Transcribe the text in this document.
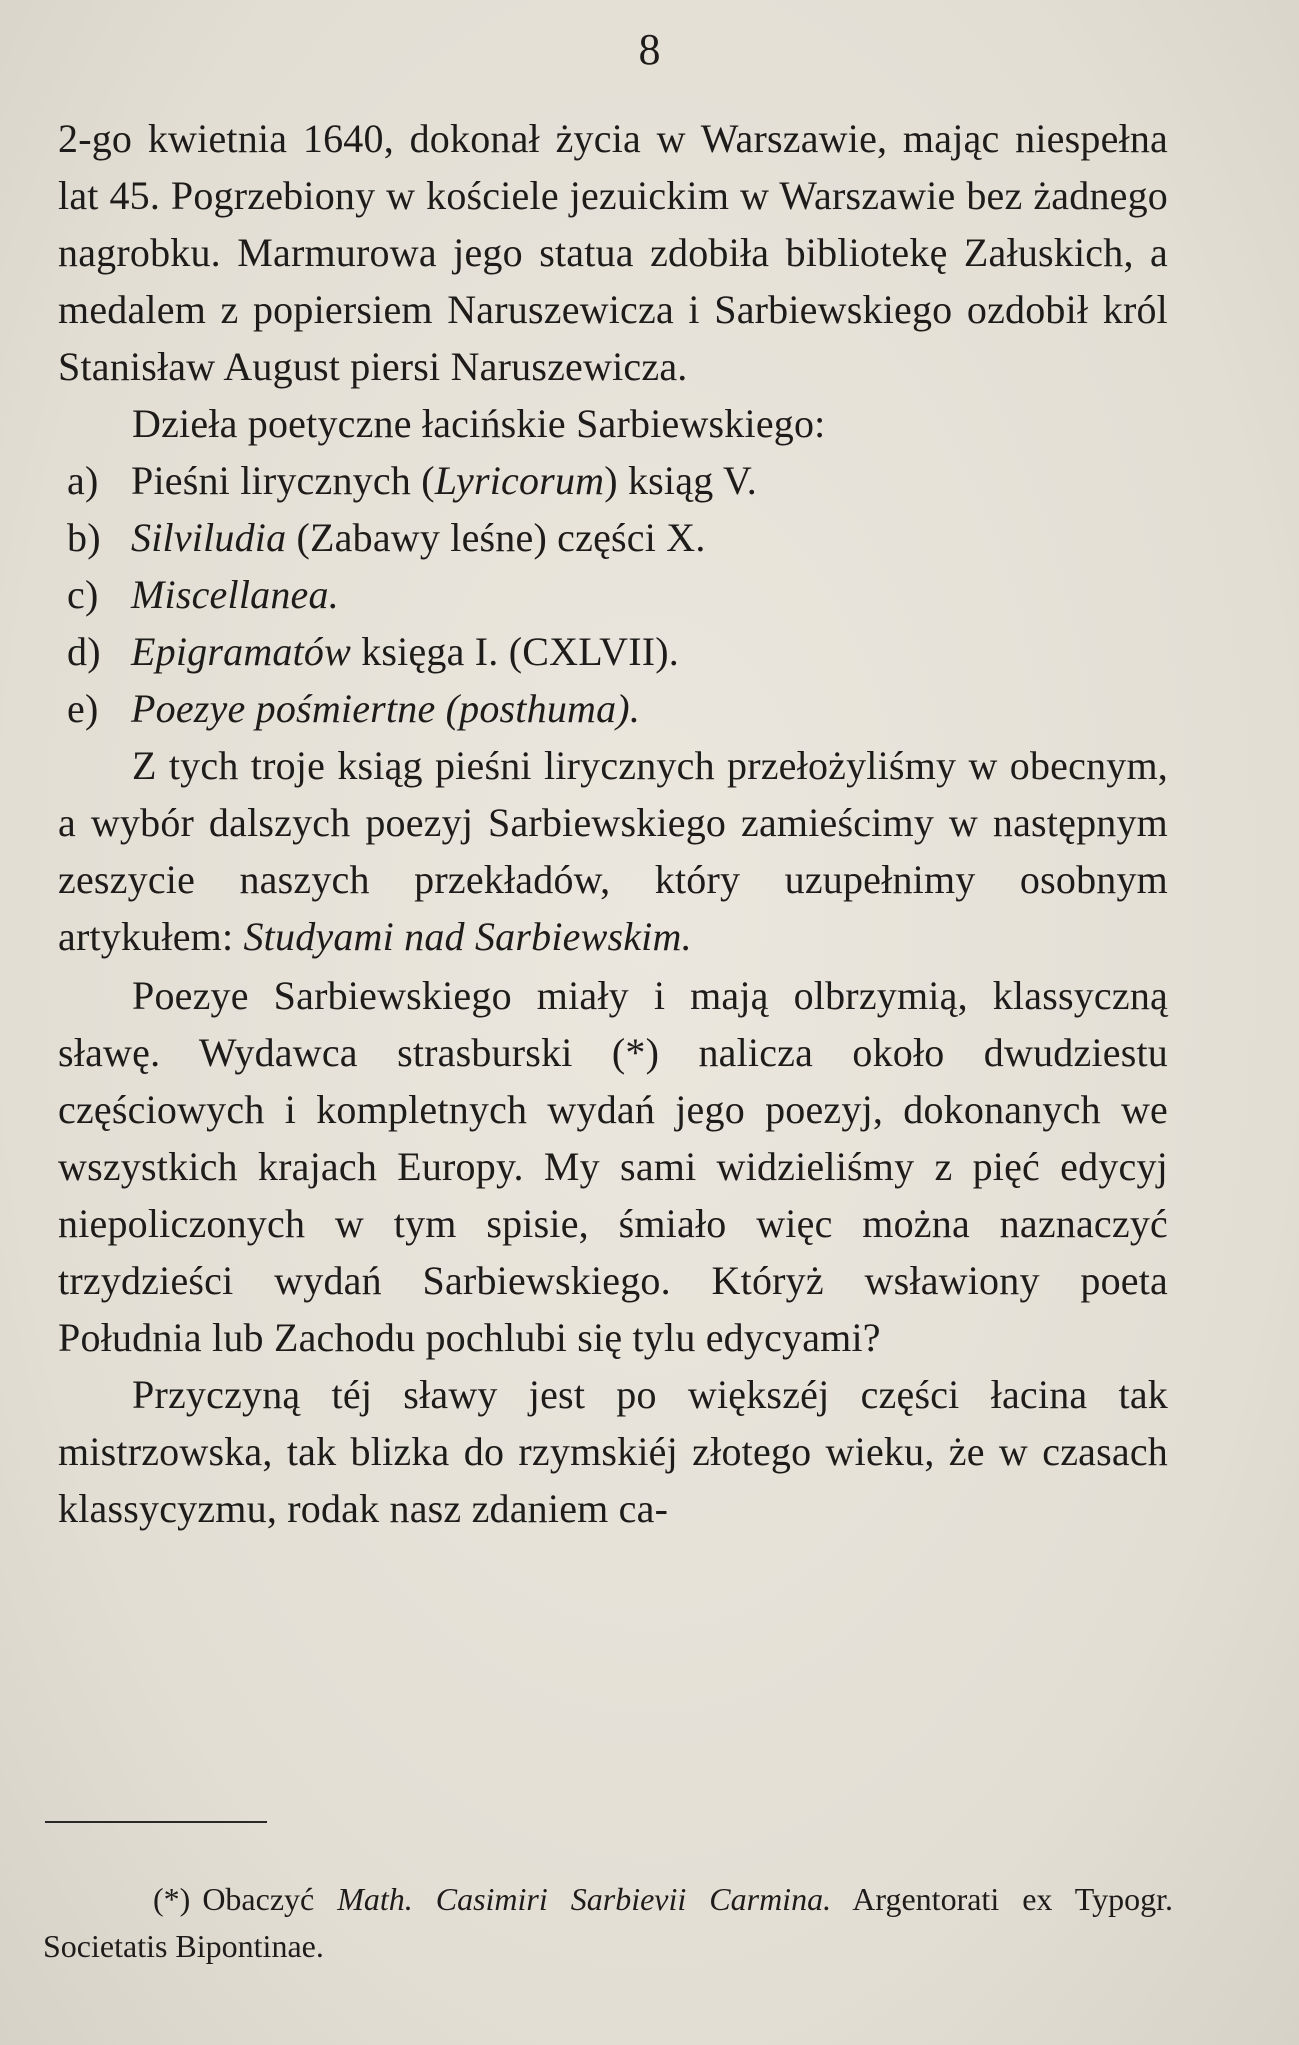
8

2-go kwietnia 1640, dokonał życia w Warszawie, mając niespełna lat 45. Pogrzebiony w kościele jezuickim w Warszawie bez żadnego nagrobku. Marmurowa jego statua zdobiła bibliotekę Załuskich, a medalem z popiersiem Naruszewicza i Sarbiewskiego ozdobił król Stanisław August piersi Naruszewicza.

Dzieła poetyczne łacińskie Sarbiewskiego:

a) Pieśni lirycznych (Lyricorum) ksiąg V.
b) Silviludia (Zabawy leśne) części X.
c) Miscellanea.
d) Epigramatów księga I. (CXLVII).
e) Poezye pośmiertne (posthuma).

Z tych troje ksiąg pieśni lirycznych przełożyliśmy w obecnym, a wybór dalszych poezyj Sarbiewskiego zamieścimy w następnym zeszycie naszych przekładów, który uzupełnimy osobnym artykułem: Studyami nad Sarbiewskim.

Poezye Sarbiewskiego miały i mają olbrzymią, klassyczną sławę. Wydawca strasburski (*) nalicza około dwudziestu częściowych i kompletnych wydań jego poezyj, dokonanych we wszystkich krajach Europy. My sami widzieliśmy z pięć edycyj niepoliczonych w tym spisie, śmiało więc można naznaczyć trzydzieści wydań Sarbiewskiego. Któryż wsławiony poeta Południa lub Zachodu pochlubi się tylu edycyami?

Przyczyną téj sławy jest po większéj części łacina tak mistrzowska, tak blizka do rzymskiéj złotego wieku, że w czasach klassycyzmu, rodak nasz zdaniem ca-

(*) Obaczyć Math. Casimiri Sarbievii Carmina. Argentorati ex Typogr. Societatis Bipontinae.
